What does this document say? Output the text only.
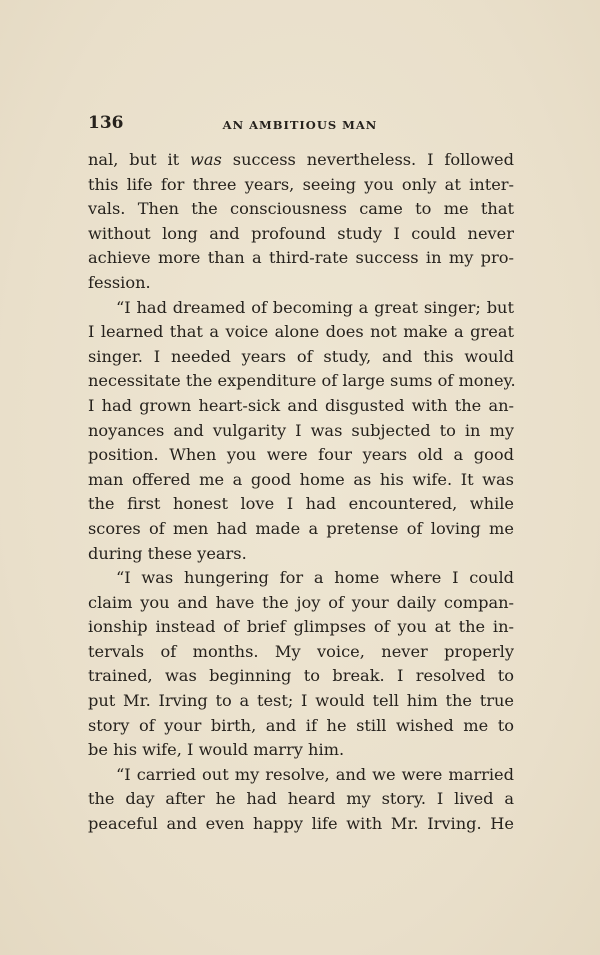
136	AN AMBITIOUS MAN
nal, but it was success nevertheless. I followed
this life for three years, seeing you only at inter-
vals. Then the consciousness came to me that
without long and profound study I could never
achieve more than a third-rate success in my pro-
fession.
“I had dreamed of becoming a great singer; but
I learned that a voice alone does not make a great
singer. I needed years of study, and this would
necessitate the expenditure of large sums of money.
I had grown heart-sick and disgusted with the an-
noyances and vulgarity I was subjected to in my
position. When you were four years old a good
man offered me a good home as his wife. It was
the first honest love I had encountered, while
scores of men had made a pretense of loving me
during these years.
“I was hungering for a home where I could
claim you and have the joy of your daily compan-
ionship instead of brief glimpses of you at the in-
tervals of months. My voice, never properly
trained, was beginning to break. I resolved to
put Mr. Irving to a test; I would tell him the true
story of your birth, and if he still wished me to
be his wife, I would marry him.
“I carried out my resolve, and we were married
the day after he had heard my story. I lived a
peaceful and even happy life with Mr. Irving. He
